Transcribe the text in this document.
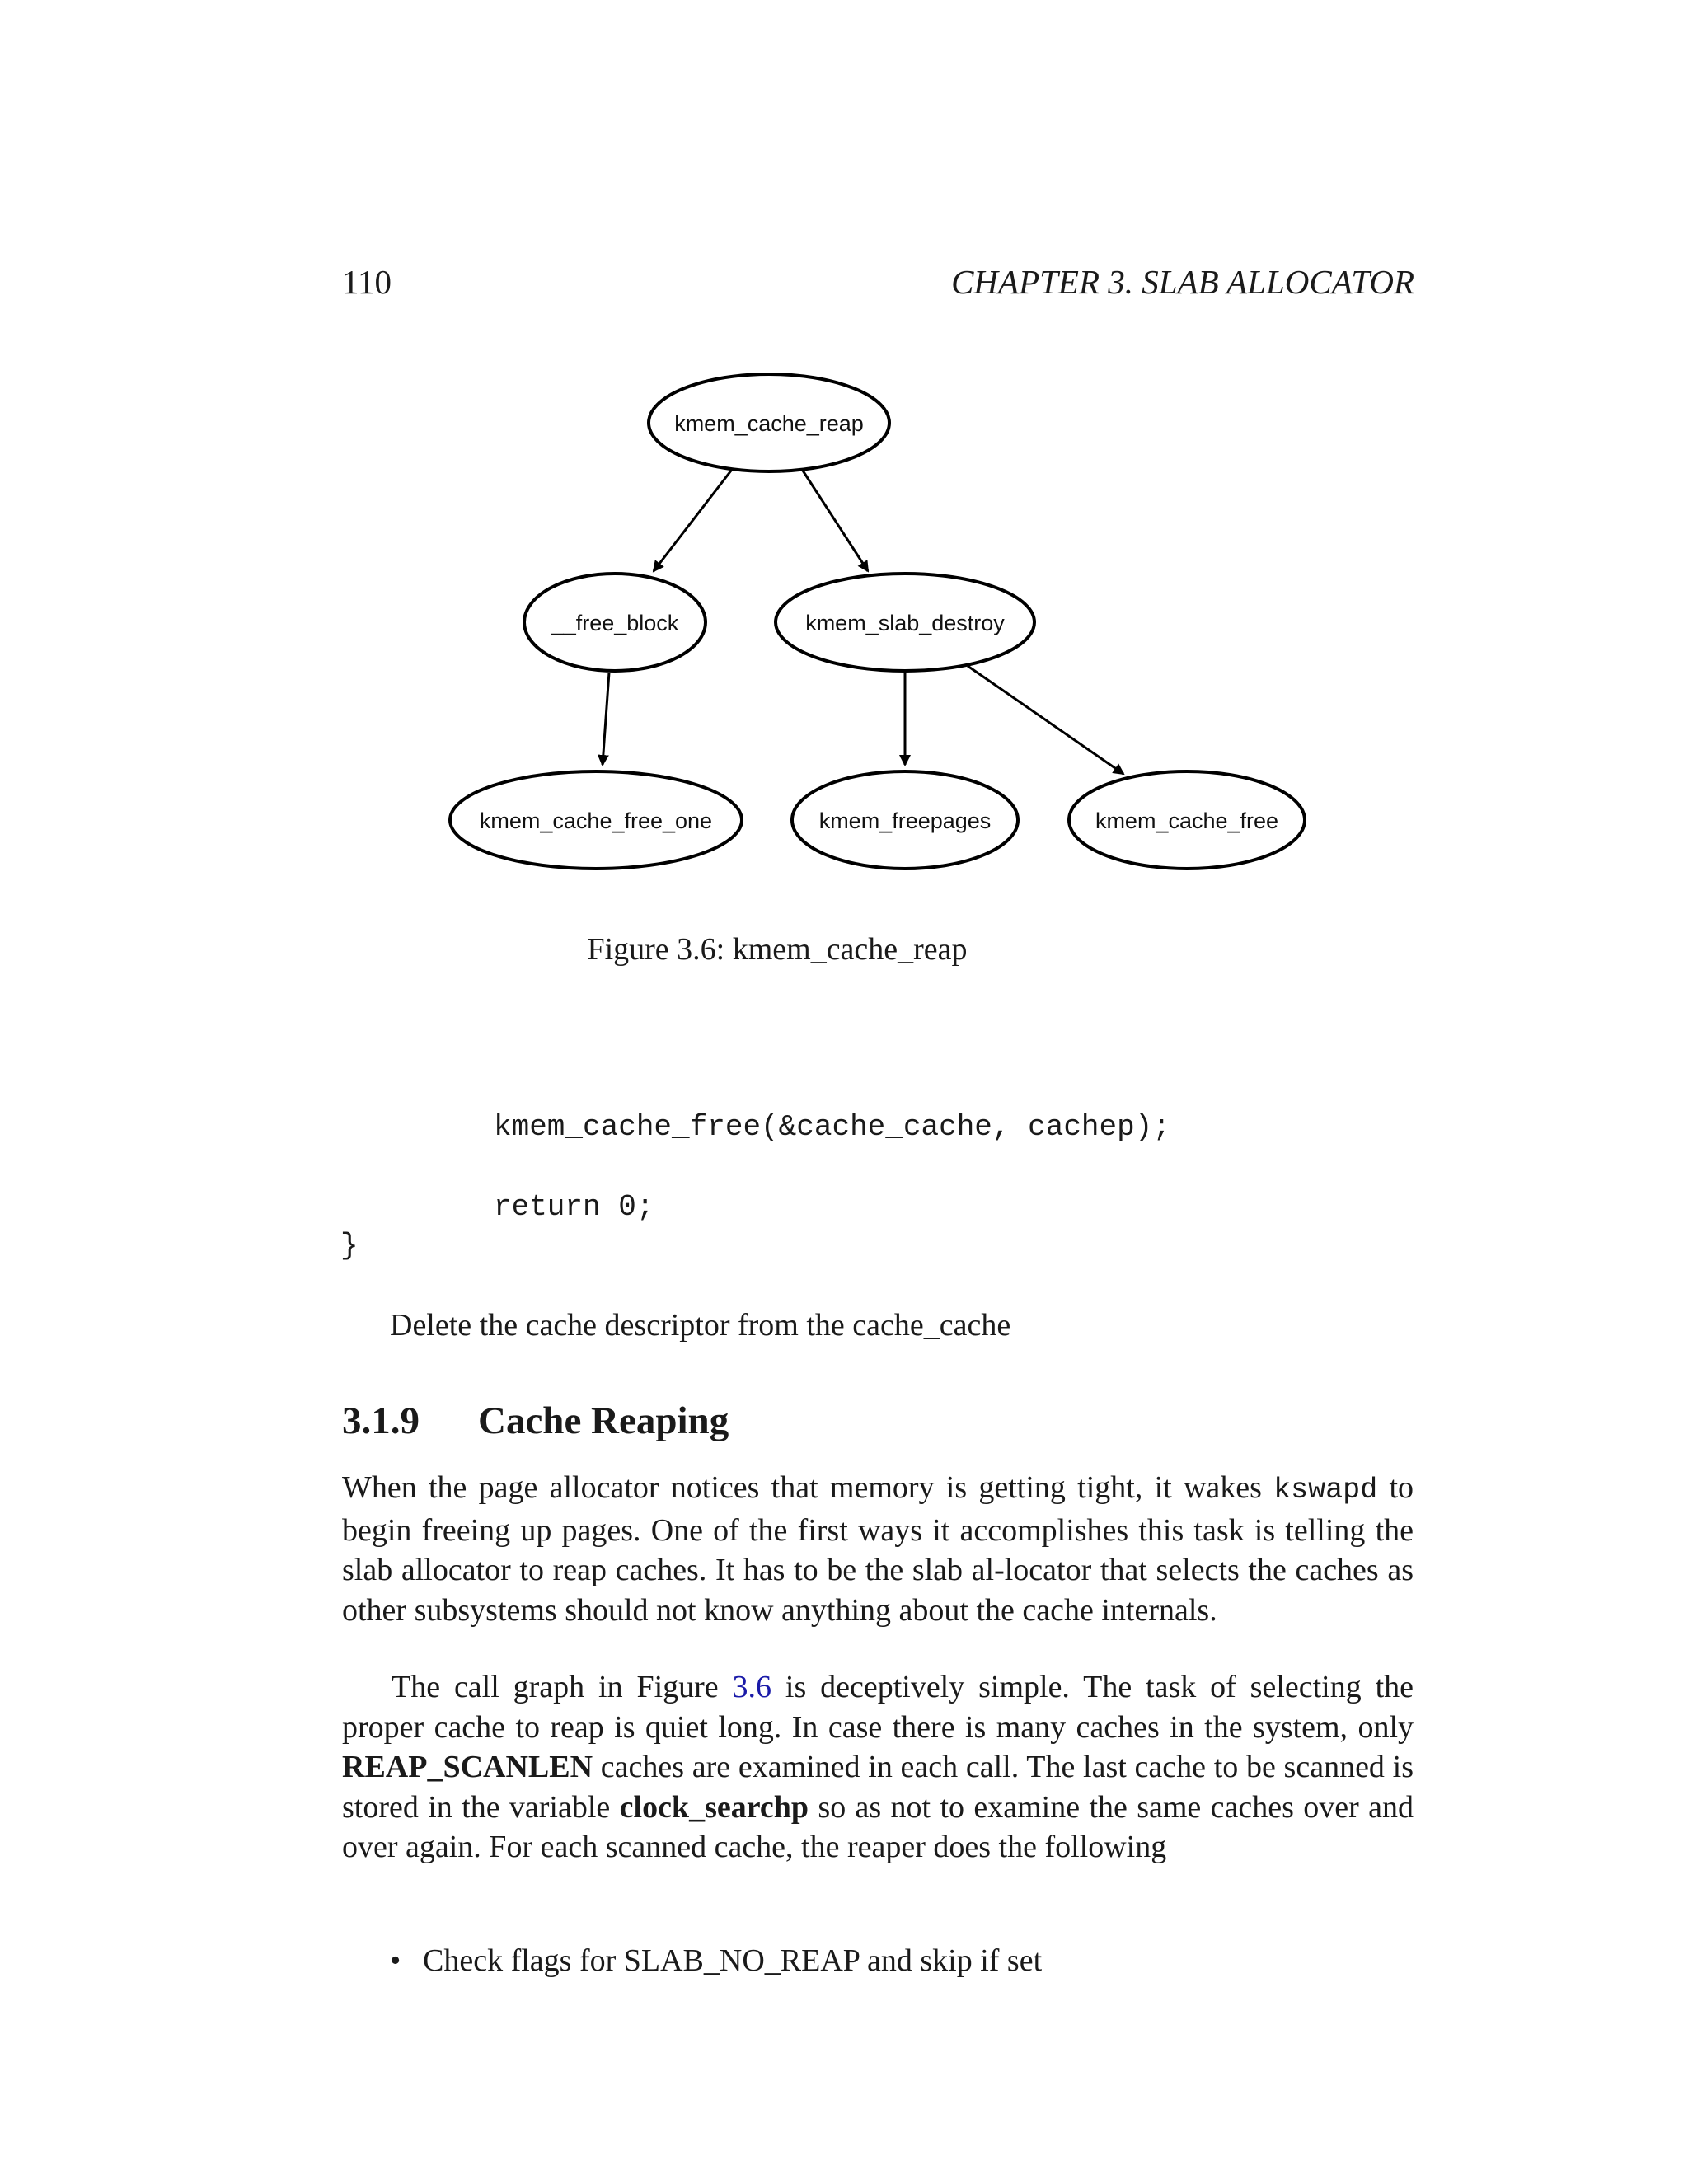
110	CHAPTER 3. SLAB ALLOCATOR
kmem_cache_reap
__free_block	kmem_slab_destroy
kmem_cache_free_one	kmem_freepages	kmem_cache_free
Figure 3.6: kmem_cache_reap
kmem_cache_free(&cache_cache, cachep);
return 0;
}
Delete the cache descriptor from the cache_cache
3.1.9 Cache Reaping
When the page allocator notices that memory is getting tight, it wakes kswapd to begin freeing up pages. One of the first ways it accomplishes this task is telling the slab allocator to reap caches. It has to be the slab al-locator that selects the caches as other subsystems should not know anything about the cache internals.
The call graph in Figure 3.6 is deceptively simple. The task of selecting the proper cache to reap is quiet long. In case there is many caches in the system, only REAP_SCANLEN caches are examined in each call. The last cache to be scanned is stored in the variable clock_searchp so as not to examine the same caches over and over again. For each scanned cache, the reaper does the following
• Check flags for SLAB_NO_REAP and skip if set
